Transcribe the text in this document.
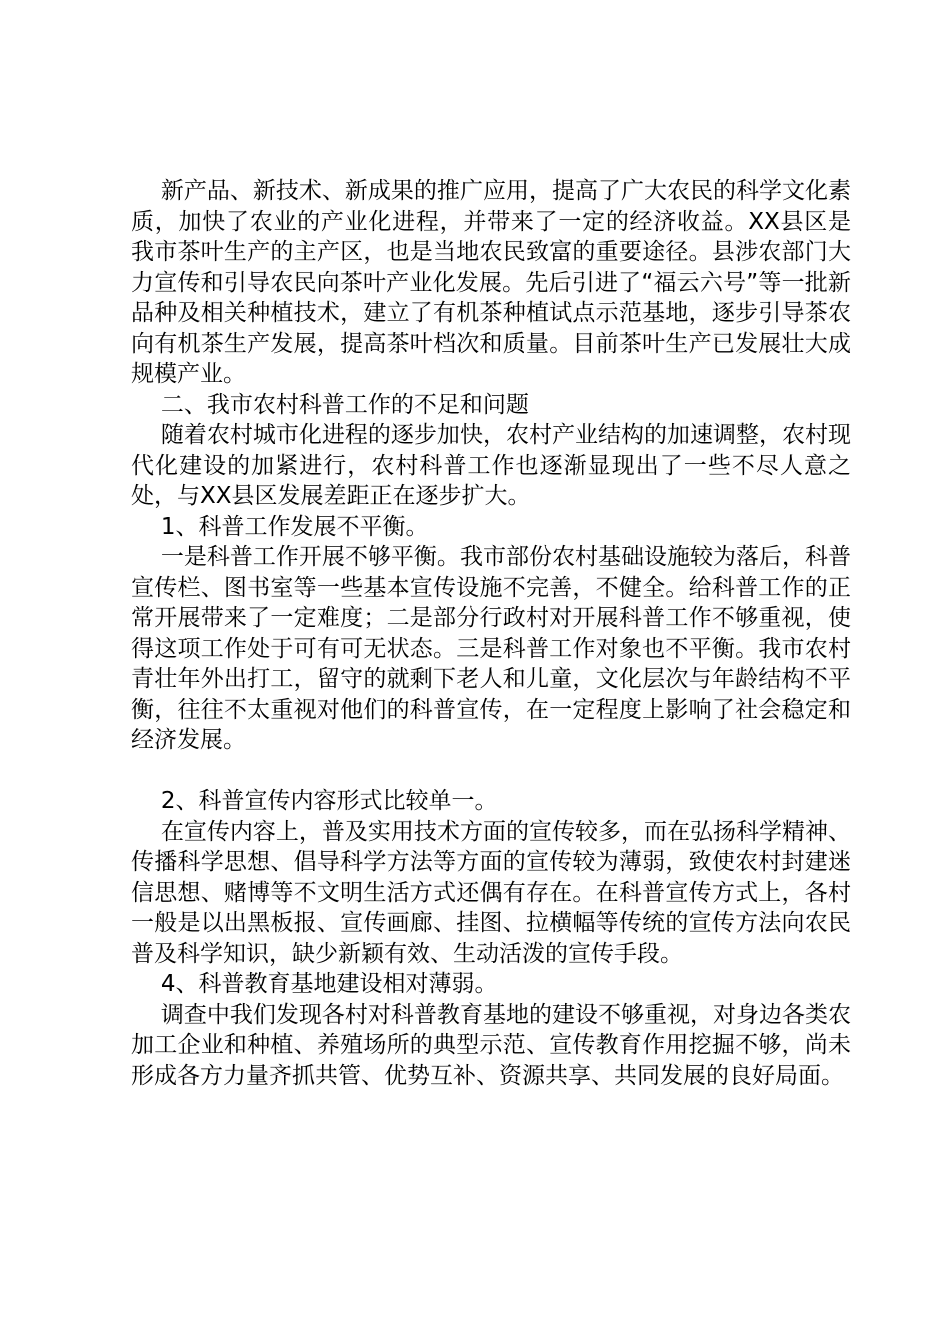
新产品、新技术、新成果的推广应用，提高了广大农民的科学文化素质，加快了农业的产业化进程，并带来了一定的经济收益。XX县区是我市茶叶生产的主产区，也是当地农民致富的重要途径。县涉农部门大力宣传和引导农民向茶叶产业化发展。先后引进了“福云六号”等一批新品种及相关种植技术，建立了有机茶种植试点示范基地，逐步引导茶农向有机茶生产发展，提高茶叶档次和质量。目前茶叶生产已发展壮大成规模产业。

二、我市农村科普工作的不足和问题

随着农村城市化进程的逐步加快，农村产业结构的加速调整，农村现代化建设的加紧进行，农村科普工作也逐渐显现出了一些不尽人意之处，与XX县区发展差距正在逐步扩大。

1、科普工作发展不平衡。

一是科普工作开展不够平衡。我市部份农村基础设施较为落后，科普宣传栏、图书室等一些基本宣传设施不完善，不健全。给科普工作的正常开展带来了一定难度；二是部分行政村对开展科普工作不够重视，使得这项工作处于可有可无状态。三是科普工作对象也不平衡。我市农村青壮年外出打工，留守的就剩下老人和儿童，文化层次与年龄结构不平衡，往往不太重视对他们的科普宣传，在一定程度上影响了社会稳定和经济发展。

2、科普宣传内容形式比较单一。

在宣传内容上，普及实用技术方面的宣传较多，而在弘扬科学精神、传播科学思想、倡导科学方法等方面的宣传较为薄弱，致使农村封建迷信思想、赌博等不文明生活方式还偶有存在。在科普宣传方式上，各村一般是以出黑板报、宣传画廊、挂图、拉横幅等传统的宣传方法向农民普及科学知识，缺少新颖有效、生动活泼的宣传手段。

4、科普教育基地建设相对薄弱。

调查中我们发现各村对科普教育基地的建设不够重视，对身边各类农加工企业和种植、养殖场所的典型示范、宣传教育作用挖掘不够，尚未形成各方力量齐抓共管、优势互补、资源共享、共同发展的良好局面。
